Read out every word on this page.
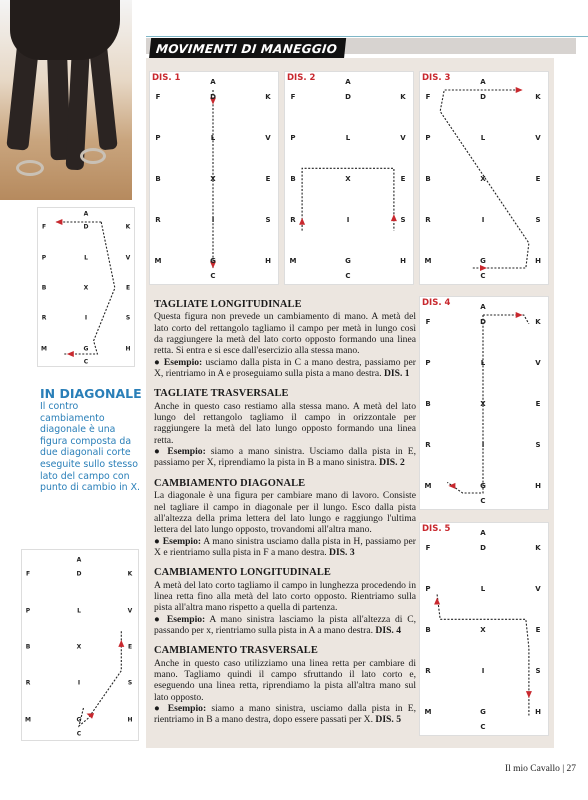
MOVIMENTI DI MANEGGIO
A
C
F	K
D
P	V
L
B	E
X
R	S
I
M	H
G
DIS. 1	A
C
F	K
D
P	V
L
B	E
X
R	S
I
M	H
G
DIS. 2	A
C
F	K
D
P	V
L
B	E
X
R	S
I
M	H
G
DIS. 3
A
C
F	K
D
P	V
L
B	E
X
R	S
I
M	H
G
DIS. 4
A
C
F	K
D
P	V
L
B	E
X
R	S
I
M	H
G
DIS. 5
A
C
F	K
D
P	V
L
B	E
X
R	S
I
M	H
G
A
C
F	K
D
P	V
L
B	E
X
R	S
I
M	H
G
TAGLIATE LONGITUDINALE

Questa figura non prevede un cambiamento di mano. A metà del lato corto del rettangolo tagliamo il campo per metà in lungo così da raggiungere la metà del lato corto opposto formando una linea retta. Si entra e si esce dall'esercizio alla stessa mano.
● Esempio: usciamo dalla pista in C a mano destra, passiamo per X, rientriamo in A e proseguiamo sulla pista a mano destra. DIS. 1

TAGLIATE TRASVERSALE

Anche in questo caso restiamo alla stessa mano. A metà del lato lungo del rettangolo tagliamo il campo in orizzontale per raggiungere la metà del lato lungo opposto formando una linea retta.
● Esempio: siamo a mano sinistra. Usciamo dalla pista in E, passiamo per X, riprendiamo la pista in B a mano sinistra. DIS. 2

CAMBIAMENTO DIAGONALE

La diagonale è una figura per cambiare mano di lavoro. Consiste nel tagliare il campo in diagonale per il lungo. Esco dalla pista all'altezza della prima lettera del lato lungo e raggiungo l'ultima lettera del lato lungo opposto, trovandomi all'altra mano.
● Esempio: A mano sinistra usciamo dalla pista in H, passiamo per X e rientriamo sulla pista in F a mano destra. DIS. 3

CAMBIAMENTO LONGITUDINALE

A metà del lato corto tagliamo il campo in lunghezza procedendo in linea retta fino alla metà del lato corto opposto. Rientriamo sulla pista all'altra mano rispetto a quella di partenza.
● Esempio: A mano sinistra lasciamo la pista all'altezza di C, passando per x, rientriamo sulla pista in A a mano destra. DIS. 4

CAMBIAMENTO TRASVERSALE

Anche in questo caso utilizziamo una linea retta per cambiare di mano. Tagliamo quindi il campo sfruttando il lato corto e, eseguendo una linea retta, riprendiamo la pista all'altra mano sul lato opposto.
● Esempio: siamo a mano sinistra, usciamo dalla pista in E, rientriamo in B a mano destra, dopo essere passati per X. DIS. 5

IN DIAGONALE
Il contro cambiamento diagonale è una figura composta da due diagonali corte eseguite sullo stesso lato del campo con punto di cambio in X.
Il mio Cavallo | 27
